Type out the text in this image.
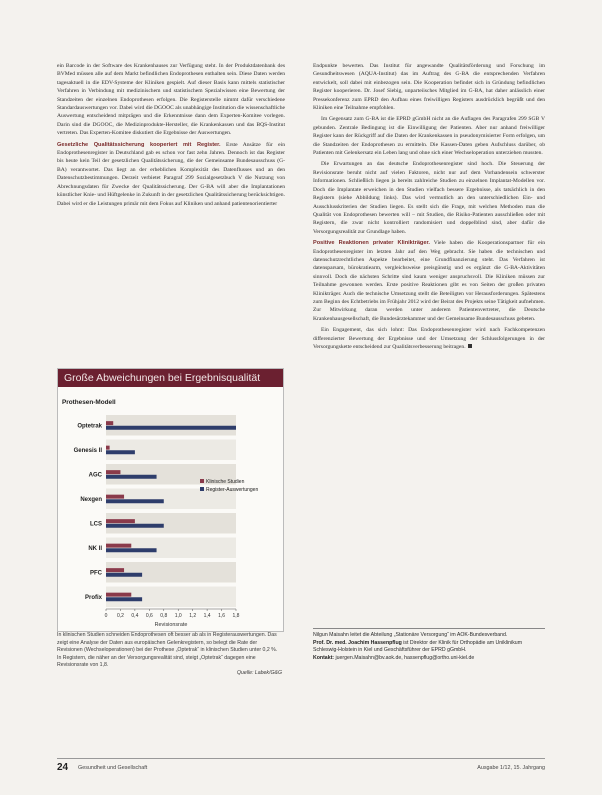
ein Barcode in der Software des Krankenhauses zur Verfügung steht. In der Produktdatenbank des BVMed müssen alle auf dem Markt befindlichen Endoprothesen enthalten sein. Diese Daten werden tagesaktuell in die EDV-Systeme der Kliniken gespielt. Auf dieser Basis kann mittels statistischer Verfahren in Verbindung mit medizinischem und statistischem Spezialwissen eine Bewertung der Standzeiten der einzelnen Endoprothesen erfolgen. Die Registerstelle nimmt dafür verschiedene Standardauswertungen vor. Dabei wird die DGOOC als unabhängige Institution die wissenschaftliche Auswertung entscheidend mitprägen und die Erkenntnisse dann dem Experten-Komitee vorlegen. Darin sind die DGOOC, die Medizinprodukte-Hersteller, die Krankenkassen und das BQS-Institut vertreten. Das Experten-Komitee diskutiert die Ergebnisse der Auswertungen.

Gesetzliche Qualitätssicherung kooperiert mit Register. Erste Ansätze für ein Endoprothesenregister in Deutschland gab es schon vor fast zehn Jahren. Dennoch ist das Register bis heute kein Teil der gesetzlichen Qualitätssicherung, die der Gemeinsame Bundesausschuss (G-BA) verantwortet. Das liegt an der erheblichen Komplexität des Datenflusses und an den Datenschutzbestimmungen. Derzeit verbietet Paragraf 299 Sozialgesetzbuch V die Nutzung von Abrechnungsdaten für Zwecke der Qualitätssicherung. Der G-BA will aber die Implantationen künstlicher Knie- und Hüftgelenke in Zukunft in der gesetzlichen Qualitätssicherung berücksichtigen. Dabei wird er die Leistungen primär mit dem Fokus auf Kliniken und anhand patientenorientierter

Endpunkte bewerten. Das Institut für angewandte Qualitätsförderung und Forschung im Gesundheitswesen (AQUA-Institut) das im Auftrag des G-BA die entsprechenden Verfahren entwickelt, soll dabei mit einbezogen sein. Die Kooperation befindet sich in Gründung befindlichen Register kooperieren. Dr. Josef Siebig, unparteiisches Mitglied im G-BA, hat daher anlässlich einer Pressekonferenz zum EPRD den Aufbau eines freiwilligen Registers ausdrücklich begrüßt und den Kliniken eine Teilnahme empfohlen.

Im Gegensatz zum G-BA ist die EPRD gGmbH nicht an die Auflagen des Paragrafen 299 SGB V gebunden. Zentrale Bedingung ist die Einwilligung der Patienten. Aber nur anhand freiwilliger Register kann der Rückgriff auf die Daten der Krankenkassen in pseudonymisierter Form erfolgen, um die Standzeiten der Endoprothesen zu ermitteln. Die Kassen-Daten geben Aufschluss darüber, ob Patienten mit Gelenkersatz ein Leben lang und ohne sich einer Wechseloperation unterziehen mussten.

Die Erwartungen an das deutsche Endoprothesenregister sind hoch. Die Steuerung der Revisionsrate beruht nicht auf vielen Faktoren, nicht nur auf dem Vorhandensein schwerster Informationen. Schließlich liegen ja bereits zahlreiche Studien zu einzelnen Implantat-Modellen vor. Doch die Implantate erweichen in den Studien vielfach bessere Ergebnisse, als tatsächlich in den Registern (siehe Abbildung links). Das wird vermutlich an den unterschiedlichen Ein- und Ausschlusskriterien der Studien liegen. Es stellt sich die Frage, mit welchen Methoden man die Qualität von Endoprothesen bewerten will – mit Studien, die Risiko-Patienten ausschließen oder mit Registern, die zwar nicht kontrolliert randomisiert und doppelblind sind, aber dafür die Versorgungsrealität zur Grundlage haben.

Positive Reaktionen privater Klinikträger. Viele haben die Kooperationspartner für ein Endoprothesenregister im letzten Jahr auf den Weg gebracht. Sie haben die technischen und datenschutzrechtlichen Aspekte bearbeitet, eine Grundfinanzierung steht. Das Verfahren ist datensparsam, bürokratiearm, vergleichsweise preisgünstig und es ergänzt die G-BA-Aktivitäten sinnvoll. Doch die nächsten Schritte sind kaum weniger anspruchsvoll. Die Kliniken müssen zur Teilnahme gewonnen werden. Erste positive Reaktionen gibt es von Seiten der großen privaten Klinikträger. Auch die technische Umsetzung stellt die Beteiligten vor Herausforderungen. Spätestens zum Beginn des Echtbetriebs im Frühjahr 2012 wird der Beirat des Projekts seine Tätigkeit aufnehmen. Zur Mitwirkung daran werden unter anderem Patientenvertreter, die Deutsche Krankenhausgesellschaft, die Bundesärztekammer und der Gemeinsame Bundesausschuss gebeten.

Ein Engagement, das sich lohnt: Das Endoprothesenregister wird nach Fachkompetenzen differenzierter Bewertung der Ergebnisse und der Umsetzung der Schlussfolgerungen in der Versorgungskette entscheidend zur Qualitätsverbesserung beitragen.

Große Abweichungen bei Ergebnisqualität
Prothesen-Modell
Optetrak
Genesis II
AGC
Nexgen
LCS
NK II
PFC
Profix
0 0,2 0,4 0,6 0,8 1,0 1,2 1,4 1,6 1,8
Revisionsrate
Klinische Studien
Register-Auswertungen
In klinischen Studien schneiden Endoprothesen oft besser ab als in Registerauswertungen. Das zeigt eine Analyse der Daten aus europäischen Gelenkregistern, so belegt die Rate der Revisionen (Wechseloperationen) bei der Prothese „Optetrak“ in klinischen Studien unter 0,2 %. In Registern, die näher an der Versorgungsrealität sind, steigt „Optetrak“ dagegen eine Revisionsrate von 1,8.
Quelle: Labek/G&G
Nilgun Maisahn leitet die Abteilung „Stationäre Versorgung“ im AOK-Bundesverband.
Prof. Dr. med. Joachim Hassenpflug ist Direktor der Klinik für Orthopädie am Uniklinikum Schleswig-Holstein in Kiel und Geschäftsführer der EPRD gGmbH.
Kontakt: juergen.Maisahn@bv.aok.de, hassenpflug@ortho.uni-kiel.de
24 Gesundheit und Gesellschaft	Ausgabe 1/12, 15. Jahrgang
